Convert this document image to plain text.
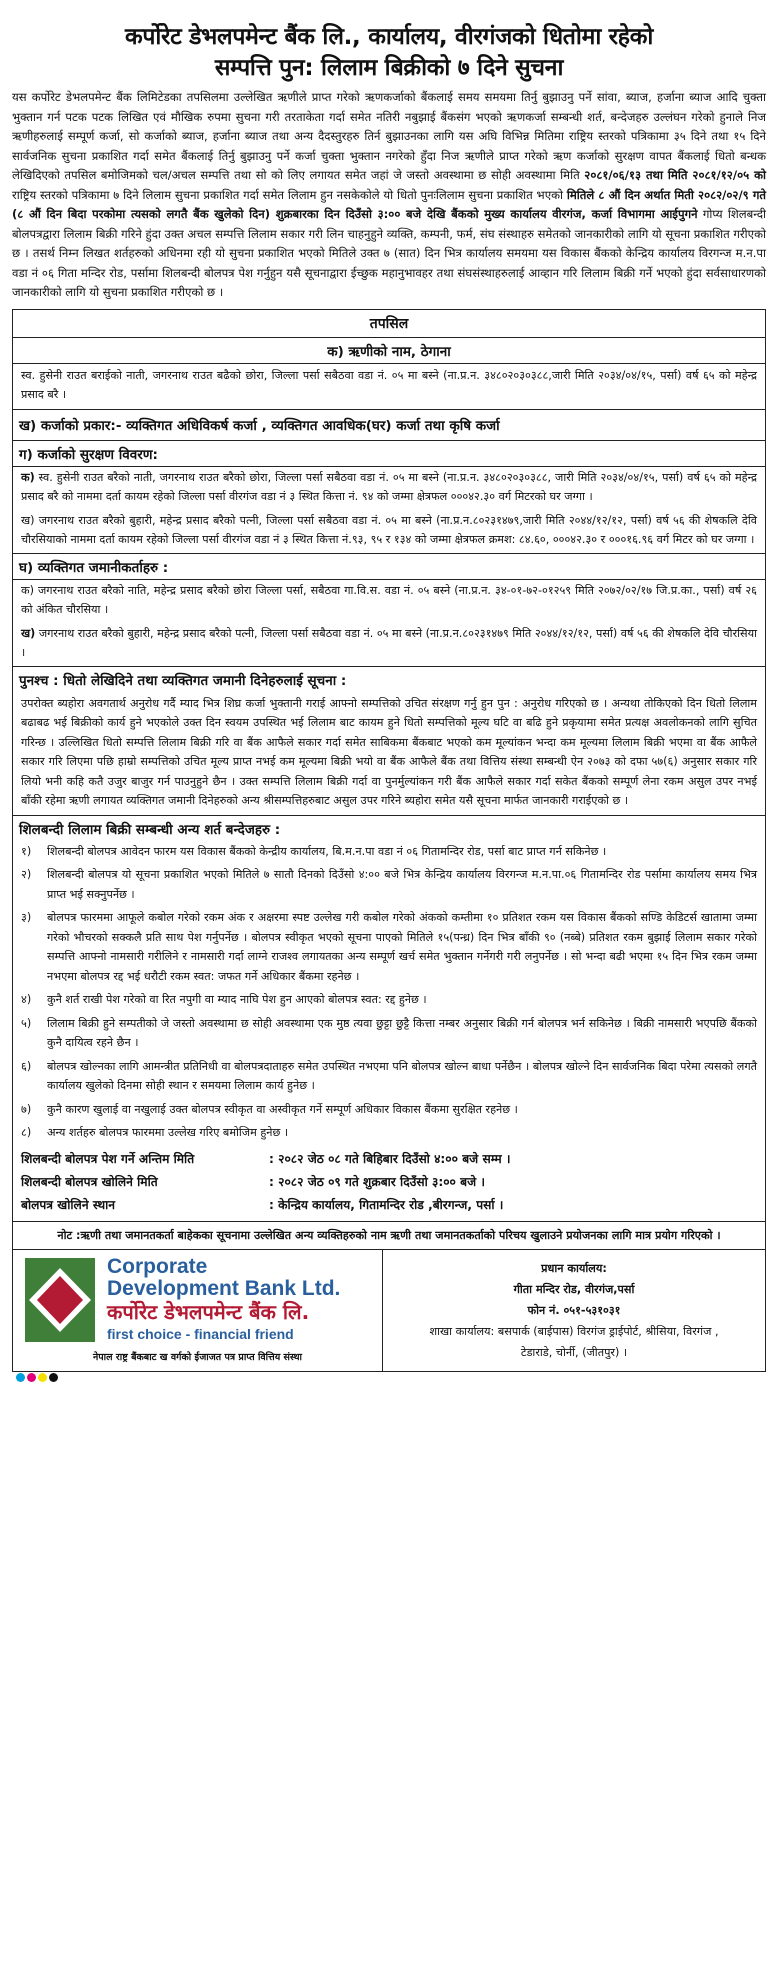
कर्पोरेट डेभलपमेन्ट बैंक लि., कार्यालय, वीरगंजको धितोमा रहेको
सम्पत्ति पुन: लिलाम बिक्रीको ७ दिने सुचना

यस कर्पोरेट डेभलपमेन्ट बैंक लिमिटेडका तपसिलमा उल्लेखित ऋणीले प्राप्त गरेको ऋणकर्जाको बैंकलाई समय समयमा तिर्नु बुझाउनु पर्ने सांवा, ब्याज, हर्जाना ब्याज आदि चुक्ता भुक्तान गर्न पटक पटक लिखित एवं मौखिक रुपमा सुचना गरी तरताकेता गर्दा समेत नतिरी नबुझाई बैंकसंग भएको ऋणकर्जा सम्बन्धी शर्त, बन्देजहरु उल्लंघन गरेको हुनाले निज ऋणीहरुलाई सम्पूर्ण कर्जा, सो कर्जाको ब्याज, हर्जाना ब्याज तथा अन्य दैदस्तुरहरु तिर्न बुझाउनका लागि यस अघि विभिन्न मितिमा राष्ट्रिय स्तरको पत्रिकामा ३५ दिने तथा १५ दिने सार्वजनिक सुचना प्रकाशित गर्दा समेत बैंकलाई तिर्नु बुझाउनु पर्ने कर्जा चुक्ता भुक्तान नगरेको हुँदा निज ऋणीले प्राप्त गरेको ऋण कर्जाको सुरक्षण वापत बैंकलाई धितो बन्धक लेखिदिएको तपसिल बमोजिमको चल/अचल सम्पत्ति तथा सो को लिए लगायत समेत जहां जे जस्तो अवस्थामा छ सोही अवस्थामा मिति २०८१/०६/१३ तथा मिति २०८१/१२/०५ को राष्ट्रिय स्तरको पत्रिकामा ७ दिने लिलाम सुचना प्रकाशित गर्दा समेत लिलाम हुन नसकेकोले यो धितो पुनःलिलाम सुचना प्रकाशित भएको मितिले ८ औं दिन अर्थात मिती २०८२/०२/९ गते (८ औं दिन बिदा परकोमा त्यसको लगतै बैंक खुलेको दिन) शुक्रबारका दिन दिउँसो ३:०० बजे देखि बैंकको मुख्य कार्यालय वीरगंज, कर्जा विभागमा आईपुगने गोप्य शिलबन्दी बोलपत्रद्वारा लिलाम बिक्री गरिने हुंदा उक्त अचल सम्पत्ति लिलाम सकार गरी लिन चाहनुहुने व्यक्ति, कम्पनी, फर्म, संघ संस्थाहरु समेतको जानकारीको लागि यो सूचना प्रकाशित गरीएको छ । तसर्थ निम्न लिखत शर्तहरुको अधिनमा रही यो सुचना प्रकाशित भएको मितिले उक्त ७ (सात) दिन भित्र कार्यालय समयमा यस विकास बैंकको केन्द्रिय कार्यालय विरगन्ज म.न.पा वडा नं ०६ गिता मन्दिर रोड, पर्सामा शिलबन्दी बोलपत्र पेश गर्नुहुन यसै सूचनाद्वारा ईच्छुक महानुभावहर तथा संघसंस्थाहरुलाई आव्हान गरि लिलाम बिक्री गर्ने भएको हुंदा सर्वसाधारणको जानकारीको लागि यो सुचना प्रकाशित गरीएको छ ।

तपसिल
क) ऋणीको नाम, ठेगाना
स्व. हुसेनी राउत बराईको नाती, जगरनाथ राउत बढैको छोरा, जिल्ला पर्सा सबैठवा वडा नं. ०५ मा बस्ने (ना.प्र.न. ३४८०२०३०३८८,जारी मिति २०३४/०४/१५, पर्सा) वर्ष ६५ को महेन्द्र प्रसाद बरै ।
ख) कर्जाको प्रकार:- व्यक्तिगत अधिविकर्ष कर्जा , व्यक्तिगत आवधिक(घर) कर्जा तथा कृषि कर्जा
ग) कर्जाको सुरक्षण विवरण:
क) स्व. हुसेनी राउत बरैको नाती, जगरनाथ राउत बरैको छोरा, जिल्ला पर्सा सबैठवा वडा नं. ०५ मा बस्ने (ना.प्र.न. ३४८०२०३०३८८, जारी मिति २०३४/०४/१५, पर्सा) वर्ष ६५ को महेन्द्र प्रसाद बरै को नाममा दर्ता कायम रहेको जिल्ला पर्सा वीरगंज वडा नं ३ स्थित कित्ता नं. ९४ को जम्मा क्षेत्रफल ०००४२.३० वर्ग मिटरको घर जग्गा ।
ख) जगरनाथ राउत बरैको बुहारी, महेन्द्र प्रसाद बरैको पत्नी, जिल्ला पर्सा सबैठवा वडा नं. ०५ मा बस्ने (ना.प्र.न.८०२३१४७९,जारी मिति २०४४/१२/१२, पर्सा) वर्ष ५६ की शेषकलि देवि चौरसियाको नाममा दर्ता कायम रहेको जिल्ला पर्सा वीरगंज वडा नं ३ स्थित कित्ता नं.९३, ९५ र १३४ को जम्मा क्षेत्रफल क्रमश: ८४.६०, ०००४२.३० र ०००१६.९६ वर्ग मिटर को घर जग्गा ।
घ) व्यक्तिगत जमानीकर्ताहरु :
क) जगरनाथ राउत बरैको नाति, महेन्द्र प्रसाद बरैको छोरा जिल्ला पर्सा, सबैठवा गा.वि.स. वडा नं. ०५ बस्ने (ना.प्र.न. ३४-०१-७२-०१२५९ मिति २०७२/०२/१७ जि.प्र.का., पर्सा) वर्ष २६ को अंकित चौरसिया ।
ख) जगरनाथ राउत बरैको बुहारी, महेन्द्र प्रसाद बरैको पत्नी, जिल्ला पर्सा सबैठवा वडा नं. ०५ मा बस्ने (ना.प्र.न.८०२३१४७९ मिति २०४४/१२/१२, पर्सा) वर्ष ५६ की शेषकलि देवि चौरसिया ।
पुनश्च : धितो लेखिदिने तथा व्यक्तिगत जमानी दिनेहरुलाई सूचना :
उपरोक्त ब्यहोरा अवगतार्थ अनुरोध गर्दै म्याद भित्र शिघ्र कर्जा भुक्तानी गराई आफ्नो सम्पत्तिको उचित संरक्षण गर्नु हुन पुन : अनुरोध गरिएको छ । अन्यथा तोकिएको दिन धितो लिलाम बढाबढ भई बिक्रीको कार्य हुने भएकोले उक्त दिन स्वयम उपस्थित भई लिलाम बाट कायम हुने धितो सम्पत्तिको मूल्य घटि वा बढि हुने प्रकृयामा समेत प्रत्यक्ष अवलोकनको लागि सुचित गरिन्छ । उल्लिखित धितो सम्पत्ति लिलाम बिक्री गरि वा बैंक आफैले सकार गर्दा समेत साबिकमा बैंकबाट भएको कम मूल्यांकन भन्दा कम मूल्यमा लिलाम बिक्री भएमा वा बैंक आफैले सकार गरि लिएमा पछि हाम्रो सम्पत्तिको उचित मूल्य प्राप्त नभई कम मूल्यमा बिक्री भयो वा बैंक आफैले बैंक तथा वित्तिय संस्था सम्बन्धी ऐन २०७३ को दफा ५७(६) अनुसार सकार गरि लियो भनी कहि कतै उजुर बाजुर गर्न पाउनुहुने छैन । उक्त सम्पत्ति लिलाम बिक्री गर्दा वा पुनर्मुल्यांकन गरी बैंक आफैले सकार गर्दा सकेत बैंकको सम्पूर्ण लेना रकम असुल उपर नभई बाँकी रहेमा ऋणी लगायत व्यक्तिगत जमानी दिनेहरुको अन्य श्रीसम्पत्तिहरुबाट असुल उपर गरिने ब्यहोरा समेत यसै सूचना मार्फत जानकारी गराईएको छ ।
शिलबन्दी लिलाम बिक्री सम्बन्धी अन्य शर्त बन्देजहरु :
१)	शिलबन्दी बोलपत्र आवेदन फारम यस विकास बैंकको केन्द्रीय कार्यालय, बि.म.न.पा वडा नं ०६ गितामन्दिर रोड, पर्सा बाट प्राप्त गर्न सकिनेछ ।
२)	शिलबन्दी बोलपत्र यो सूचना प्रकाशित भएको मितिले ७ सातौ दिनको दिउँसो ४:०० बजे भित्र केन्द्रिय कार्यालय विरगन्ज म.न.पा.०६ गितामन्दिर रोड पर्सामा कार्यालय समय भित्र प्राप्त भई सक्नुपर्नेछ ।
३)	बोलपत्र फारममा आफूले कबोल गरेको रकम अंक र अक्षरमा स्पष्ट उल्लेख गरी कबोल गरेको अंकको कम्तीमा १० प्रतिशत रकम यस विकास बैंकको सण्डि केडिटर्स खातामा जम्मा गरेको भौचरको सक्कलै प्रति साथ पेश गर्नुपर्नेछ । बोलपत्र स्वीकृत भएको सूचना पाएको मितिले १५(पन्ध्र) दिन भित्र बाँकी ९० (नब्बे) प्रतिशत रकम बुझाई लिलाम सकार गरेको सम्पत्ति आफ्नो नामसारी गरीलिने र नामसारी गर्दा लाग्ने राजश्व लगायतका अन्य सम्पूर्ण खर्च समेत भुक्तान गर्नेगरी गरी लनुपर्नेछ । सो भन्दा बढी भएमा १५ दिन भित्र रकम जम्मा नभएमा बोलपत्र रद्द भई धरौटी रकम स्वत: जफत गर्ने अधिकार बैंकमा रहनेछ ।
४)	कुनै शर्त राखी पेश गरेको वा रित नपुगी वा म्याद नाघि पेश हुन आएको बोलपत्र स्वत: रद्द हुनेछ ।
५)	लिलाम बिक्री हुने सम्पतीको जे जस्तो अवस्थामा छ सोही अवस्थामा एक मुष्ठ त्यवा छुट्टा छुट्टै कित्ता नम्बर अनुसार बिक्री गर्न बोलपत्र भर्न सकिनेछ । बिक्री नामसारी भएपछि बैंकको कुनै दायित्व रहने छैन ।
६)	बोलपत्र खोल्नका लागि आमन्त्रीत प्रतिनिधी वा बोलपत्रदाताहरु समेत उपस्थित नभएमा पनि बोलपत्र खोल्न बाधा पर्नेछैन । बोलपत्र खोल्ने दिन सार्वजनिक बिदा परेमा त्यसको लगतै कार्यालय खुलेको दिनमा सोही स्थान र समयमा लिलाम कार्य हुनेछ ।
७)	कुनै कारण खुलाई वा नखुलाई उक्त बोलपत्र स्वीकृत वा अस्वीकृत गर्ने सम्पूर्ण अधिकार विकास बैंकमा सुरक्षित रहनेछ ।
८)	अन्य शर्तहरु बोलपत्र फारममा उल्लेख गरिए बमोजिम हुनेछ ।
शिलबन्दी बोलपत्र पेश गर्ने अन्तिम मिति	: २०८२ जेठ ०८ गते बिहिबार दिउँसो ४:०० बजे सम्म ।
शिलबन्दी बोलपत्र खोलिने मिति	: २०८२ जेठ ०९ गते शुक्रबार दिउँसो ३:०० बजे ।
बोलपत्र खोलिने स्थान	: केन्द्रिय कार्यालय, गितामन्दिर रोड ,बीरगन्ज, पर्सा ।
नोट :ऋणी तथा जमानतकर्ता बाहेकका सूचनामा उल्लेखित अन्य व्यक्तिहरुको नाम ऋणी तथा जमानतकर्ताको परिचय खुलाउने प्रयोजनका लागि मात्र प्रयोग गरिएको ।
Corporate
Development Bank Ltd.
कर्पोरेट डेभलपमेन्ट बैंक लि.
first choice - financial friend
नेपाल राष्ट्र बैंकबाट ख वर्गको ईजाजत पत्र प्राप्त वित्तिय संस्था
प्रधान कार्यालय:
गीता मन्दिर रोड, वीरगंज,पर्सा
फोन नं. ०५१-५३१०३१
शाखा कार्यालय: बसपार्क (बाईपास) विरगंज ड्राईपोर्ट, श्रीसिया, विरगंज ,
टेडाराडे, चोर्नी, (जीतपुर) ।
